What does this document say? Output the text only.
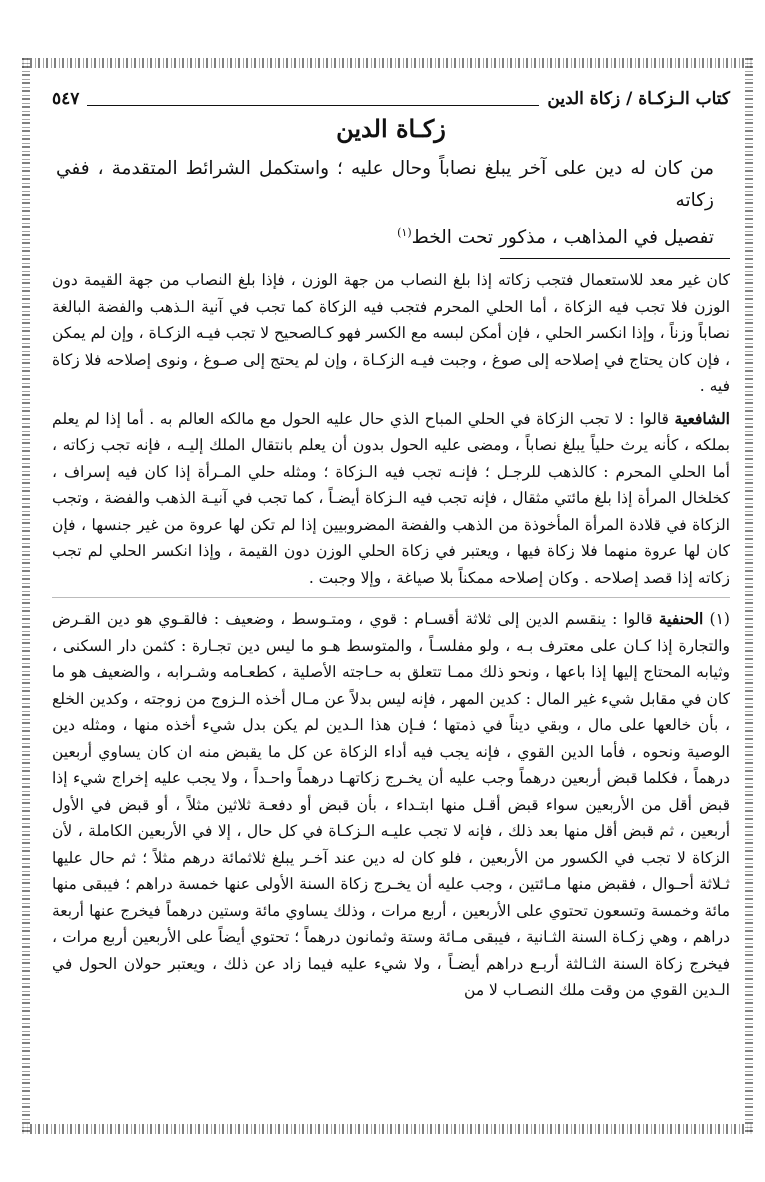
كتاب الـزكـاة / زكاة الدين
٥٤٧
زكـاة الدين
من كان له دين على آخر يبلغ نصاباً وحال عليه ؛ واستكمل الشرائط المتقدمة ، ففي زكاته
تفصيل في المذاهب ، مذكور تحت الخط$^{(١)}$

كان غير معد للاستعمال فتجب زكاته إذا بلغ النصاب من جهة الوزن ، فإذا بلغ النصاب من جهة القيمة دون الوزن فلا تجب فيه الزكاة ، أما الحلي المحرم فتجب فيه الزكاة كما تجب في آنية الـذهب والفضة البالغة نصاباً وزناً ، وإذا انكسر الحلي ، فإن أمكن لبسه مع الكسر فهو كـالصحيح لا تجب فيـه الزكـاة ، وإن لم يمكن ، فإن كان يحتاج في إصلاحه إلى صوغ ، وجبت فيـه الزكـاة ، وإن لم يحتج إلى صـوغ ، ونوى إصلاحه فلا زكاة فيه .

الشافعية قالوا : لا تجب الزكاة في الحلي المباح الذي حال عليه الحول مع مالكه العالم به . أما إذا لم يعلم بملكه ، كأنه يرث حلياً يبلغ نصاباً ، ومضى عليه الحول بدون أن يعلم بانتقال الملك إليـه ، فإنه تجب زكاته ، أما الحلي المحرم : كالذهب للرجـل ؛ فإنـه تجب فيه الـزكاة ؛ ومثله حلي المـرأة إذا كان فيه إسراف ، كخلخال المرأة إذا بلغ مائتي مثقال ، فإنه تجب فيه الـزكاة أيضـاً ، كما تجب في آنيـة الذهب والفضة ، وتجب الزكاة في قلادة المرأة المأخوذة من الذهب والفضة المضروبيين إذا لم تكن لها عروة من غير جنسها ، فإن كان لها عروة منهما فلا زكاة فيها ، ويعتبر في زكاة الحلي الوزن دون القيمة ، وإذا انكسر الحلي لم تجب زكاته إذا قصد إصلاحه . وكان إصلاحه ممكناً بلا صياغة ، وإلا وجبت .

(١) الحنفية قالوا : ينقسم الدين إلى ثلاثة أقسـام : قوي ، ومتـوسط ، وضعيف : فالقـوي هو دين القـرض والتجارة إذا كـان على معترف بـه ، ولو مفلسـاً ، والمتوسط هـو ما ليس دين تجـارة : كثمن دار السكنى ، وثيابه المحتاج إليها إذا باعها ، ونحو ذلك ممـا تتعلق به حـاجته الأصلية ، كطعـامه وشـرابه ، والضعيف هو ما كان في مقابل شيء غير المال : كدين المهر ، فإنه ليس بدلاً عن مـال أخذه الـزوج من زوجته ، وكدين الخلع ، بأن خالعها على مال ، وبقي ديناً في ذمتها ؛ فـإن هذا الـدين لم يكن بدل شيء أخذه منها ، ومثله دين الوصية ونحوه ، فأما الدين القوي ، فإنه يجب فيه أداء الزكاة عن كل ما يقبض منه ان كان يساوي أربعين درهماً ، فكلما قبض أربعين درهماً وجب عليه أن يخـرج زكاتهـا درهماً واحـداً ، ولا يجب عليه إخراج شيء إذا قبض أقل من الأربعين سواء قبض أقـل منها ابتـداء ، بأن قبض أو دفعـة ثلاثين مثلاً ، أو قبض في الأول أربعين ، ثم قبض أقل منها بعد ذلك ، فإنه لا تجب عليـه الـزكـاة في كل حال ، إلا في الأربعين الكاملة ، لأن الزكاة لا تجب في الكسور من الأربعين ، فلو كان له دين عند آخـر يبلغ ثلاثمائة درهم مثلاً ؛ ثم حال عليها ثـلاثة أحـوال ، فقبض منها مـائتين ، وجب عليه أن يخـرج زكاة السنة الأولى عنها خمسة دراهم ؛ فيبقى منها مائة وخمسة وتسعون تحتوي على الأربعين ، أربع مرات ، وذلك يساوي مائة وستين درهماً فيخرج عنها أربعة دراهم ، وهي زكـاة السنة الثـانية ، فيبقى مـائة وستة وثمانون درهماً ؛ تحتوي أيضاً على الأربعين أربع مرات ، فيخرج زكاة السنة الثـالثة أربـع دراهم أيضـاً ، ولا شيء عليه فيما زاد عن ذلك ، ويعتبر حولان الحول في الـدين القوي من وقت ملك النصـاب لا من
